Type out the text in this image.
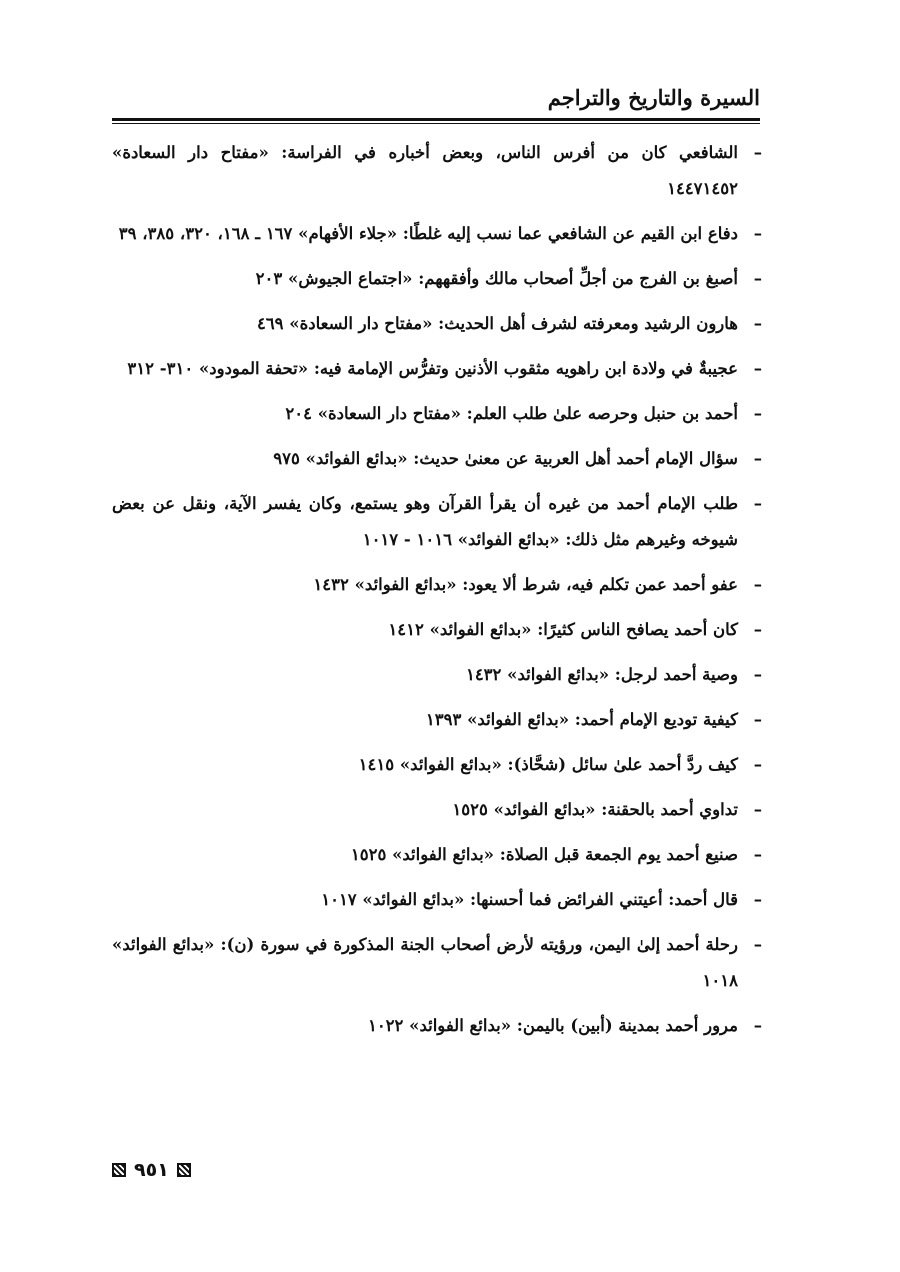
السيرة والتاريخ والتراجم
–
الشافعي كان من أفرس الناس، وبعض أخباره في الفراسة: «مفتاح دار السعادة» ١٤٤٧١٤٥٢
–
دفاع ابن القيم عن الشافعي عما نسب إليه غلطًا: «جلاء الأفهام» ١٦٧ ـ ١٦٨، ٣٢٠، ٣٨٥، ٣٩
–
أصبغ بن الفرج من أجلِّ أصحاب مالك وأفقههم: «اجتماع الجيوش» ٢٠٣
–
هارون الرشيد ومعرفته لشرف أهل الحديث: «مفتاح دار السعادة» ٤٦٩
–
عجيبةٌ في ولادة ابن راهويه مثقوب الأذنين وتفرُّس الإمامة فيه: «تحفة المودود» ٣١٠- ٣١٢
–
أحمد بن حنبل وحرصه علىٰ طلب العلم: «مفتاح دار السعادة» ٢٠٤
–
سؤال الإمام أحمد أهل العربية عن معنىٰ حديث: «بدائع الفوائد» ٩٧٥
–
طلب الإمام أحمد من غيره أن يقرأ القرآن وهو يستمع، وكان يفسر الآية، ونقل عن بعض شيوخه وغيرهم مثل ذلك: «بدائع الفوائد» ١٠١٦ - ١٠١٧
–
عفو أحمد عمن تكلم فيه، شرط ألا يعود: «بدائع الفوائد» ١٤٣٢
–
كان أحمد يصافح الناس كثيرًا: «بدائع الفوائد» ١٤١٢
–
وصية أحمد لرجل: «بدائع الفوائد» ١٤٣٢
–
كيفية توديع الإمام أحمد: «بدائع الفوائد» ١٣٩٣
–
كيف ردَّ أحمد علىٰ سائل (شحَّاذ): «بدائع الفوائد» ١٤١٥
–
تداوي أحمد بالحقنة: «بدائع الفوائد» ١٥٢٥
–
صنيع أحمد يوم الجمعة قبل الصلاة: «بدائع الفوائد» ١٥٢٥
–
قال أحمد: أعيتني الفرائض فما أحسنها: «بدائع الفوائد» ١٠١٧
–
رحلة أحمد إلىٰ اليمن، ورؤيته لأرض أصحاب الجنة المذكورة في سورة (ن): «بدائع الفوائد» ١٠١٨
–
مرور أحمد بمدينة (أبين) باليمن: «بدائع الفوائد» ١٠٢٢
٩٥١
